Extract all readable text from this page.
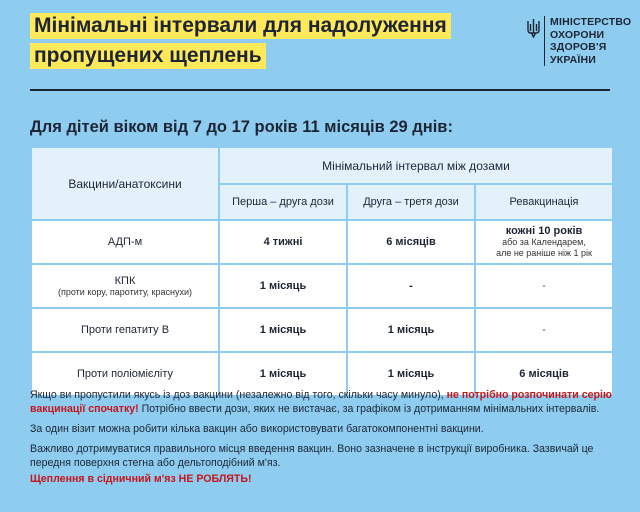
Мінімальні інтервали для надолуження
пропущених щеплень
МІНІСТЕРСТВО
ОХОРОНИ
ЗДОРОВ'Я
УКРАЇНИ
Для дітей віком від 7 до 17 років 11 місяців 29 днів:
Вакцини/анатоксини	Мінімальний інтервал між дозами		
	Перша – друга дози	Друга – третя дози	Ревакцинація
АДП-м	4 тижні	6 місяців	кожні 10 років
або за Календарем,
але не раніше ніж 1 рік

КПК
(проти кору, паротиту, краснухи)	1 місяць	-	-
Проти гепатиту В	1 місяць	1 місяць	-
Проти поліомієліту	1 місяць	1 місяць	6 місяців

Якщо ви пропустили якусь із доз вакцини (незалежно від того, скільки часу минуло), не потрібно розпочинати серію вакцинації спочатку! Потрібно ввести дози, яких не вистачає, за графіком із дотриманням мінімальних інтервалів.

За один візит можна робити кілька вакцин або використовувати багатокомпонентні вакцини.

Важливо дотримуватися правильного місця введення вакцин. Воно зазначене в інструкції виробника. Зазвичай це передня поверхня стегна або дельтоподібний м'яз.

Щеплення в сідничний м'яз НЕ РОБЛЯТЬ!
